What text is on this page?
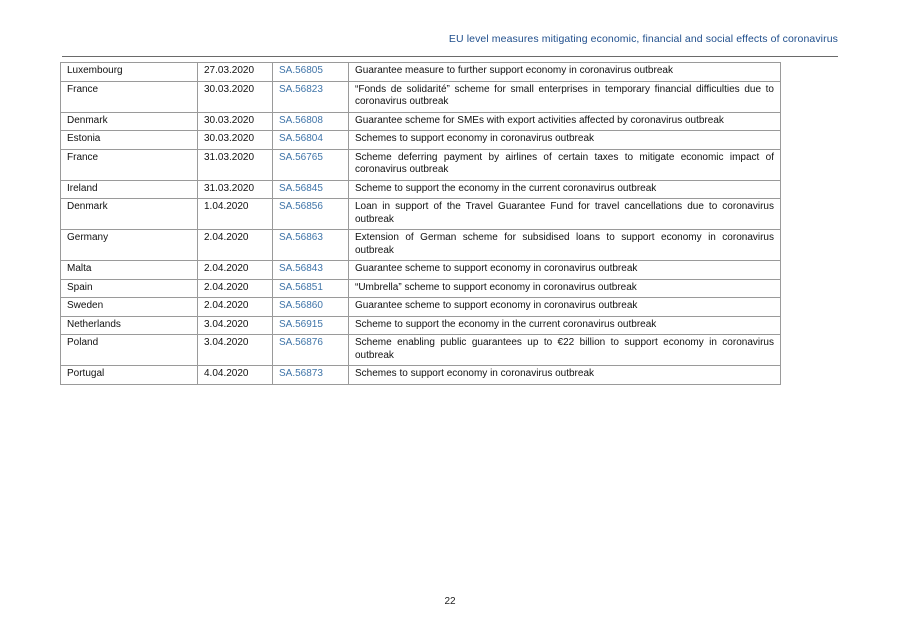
EU level measures mitigating economic, financial and social effects of coronavirus
Luxembourg	27.03.2020	SA.56805	Guarantee measure to further support economy in coronavirus outbreak
France	30.03.2020	SA.56823	“Fonds de solidarité” scheme for small enterprises in temporary financial difficulties due to coronavirus outbreak
Denmark	30.03.2020	SA.56808	Guarantee scheme for SMEs with export activities affected by coronavirus outbreak
Estonia	30.03.2020	SA.56804	Schemes to support economy in coronavirus outbreak
France	31.03.2020	SA.56765	Scheme deferring payment by airlines of certain taxes to mitigate economic impact of coronavirus outbreak
Ireland	31.03.2020	SA.56845	Scheme to support the economy in the current coronavirus outbreak
Denmark	1.04.2020	SA.56856	Loan in support of the Travel Guarantee Fund for travel cancellations due to coronavirus outbreak
Germany	2.04.2020	SA.56863	Extension of German scheme for subsidised loans to support economy in coronavirus outbreak
Malta	2.04.2020	SA.56843	Guarantee scheme to support economy in coronavirus outbreak
Spain	2.04.2020	SA.56851	“Umbrella” scheme to support economy in coronavirus outbreak
Sweden	2.04.2020	SA.56860	Guarantee scheme to support economy in coronavirus outbreak
Netherlands	3.04.2020	SA.56915	Scheme to support the economy in the current coronavirus outbreak
Poland	3.04.2020	SA.56876	Scheme enabling public guarantees up to €22 billion to support economy in coronavirus outbreak
Portugal	4.04.2020	SA.56873	Schemes to support economy in coronavirus outbreak
22
